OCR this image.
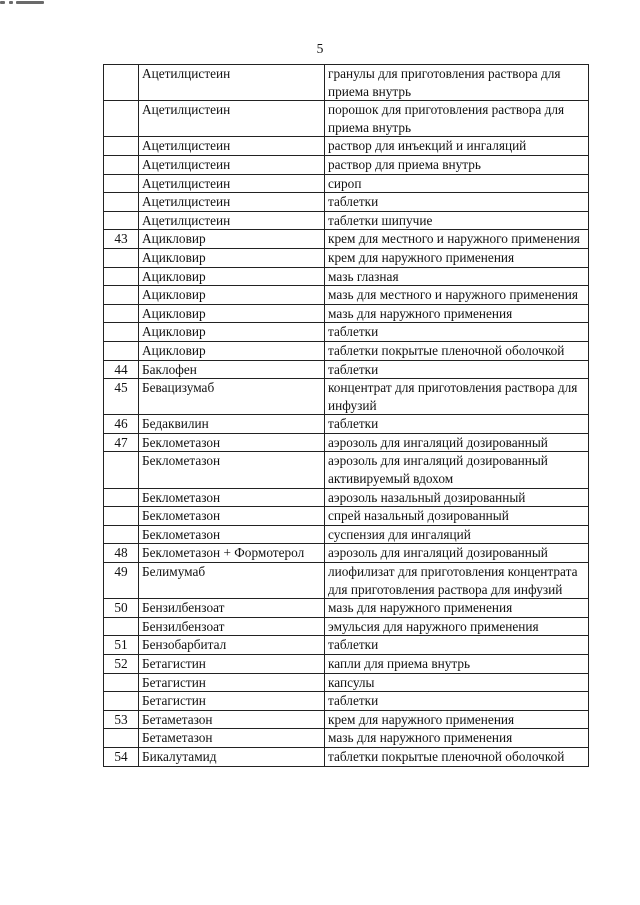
5
	Ацетилцистеин	гранулы для приготовления раствора для приема внутрь
	Ацетилцистеин	порошок для приготовления раствора для приема внутрь
	Ацетилцистеин	раствор для инъекций и ингаляций
	Ацетилцистеин	раствор для приема внутрь
	Ацетилцистеин	сироп
	Ацетилцистеин	таблетки
	Ацетилцистеин	таблетки шипучие
43	Ацикловир	крем для местного и наружного применения
	Ацикловир	крем для наружного применения
	Ацикловир	мазь глазная
	Ацикловир	мазь для местного и наружного применения
	Ацикловир	мазь для наружного применения
	Ацикловир	таблетки
	Ацикловир	таблетки покрытые пленочной оболочкой
44	Баклофен	таблетки
45	Бевацизумаб	концентрат для приготовления раствора для инфузий
46	Бедаквилин	таблетки
47	Беклометазон	аэрозоль для ингаляций дозированный
	Беклометазон	аэрозоль для ингаляций дозированный активируемый вдохом
	Беклометазон	аэрозоль назальный дозированный
	Беклометазон	спрей назальный дозированный
	Беклометазон	суспензия для ингаляций
48	Беклометазон + Формотерол	аэрозоль для ингаляций дозированный
49	Белимумаб	лиофилизат для приготовления концентрата для приготовления раствора для инфузий
50	Бензилбензоат	мазь для наружного применения
	Бензилбензоат	эмульсия для наружного применения
51	Бензобарбитал	таблетки
52	Бетагистин	капли для приема внутрь
	Бетагистин	капсулы
	Бетагистин	таблетки
53	Бетаметазон	крем для наружного применения
	Бетаметазон	мазь для наружного применения
54	Бикалутамид	таблетки покрытые пленочной оболочкой
